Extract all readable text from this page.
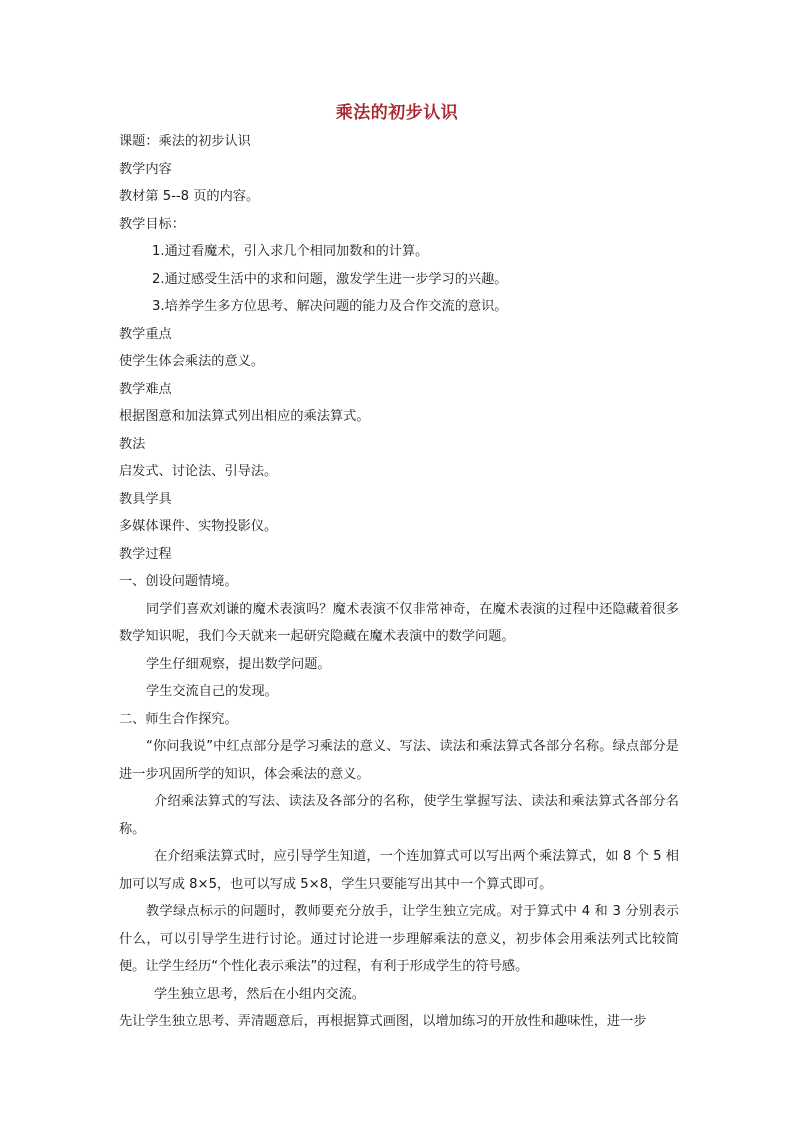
乘法的初步认识

课题：乘法的初步认识

教学内容

教材第 5--8 页的内容。

教学目标：

1.通过看魔术，引入求几个相同加数和的计算。

2.通过感受生活中的求和问题，激发学生进一步学习的兴趣。

3.培养学生多方位思考、解决问题的能力及合作交流的意识。

教学重点

使学生体会乘法的意义。

教学难点

根据图意和加法算式列出相应的乘法算式。

教法

启发式、讨论法、引导法。

教具学具

多媒体课件、实物投影仪。

教学过程

一、创设问题情境。

同学们喜欢刘谦的魔术表演吗？魔术表演不仅非常神奇，在魔术表演的过程中还隐藏着很多数学知识呢，我们今天就来一起研究隐藏在魔术表演中的数学问题。

学生仔细观察，提出数学问题。

学生交流自己的发现。

二、师生合作探究。

“你问我说”中红点部分是学习乘法的意义、写法、读法和乘法算式各部分名称。绿点部分是进一步巩固所学的知识，体会乘法的意义。

介绍乘法算式的写法、读法及各部分的名称，使学生掌握写法、读法和乘法算式各部分名称。

在介绍乘法算式时，应引导学生知道，一个连加算式可以写出两个乘法算式，如 8 个 5 相加可以写成 8×5，也可以写成 5×8，学生只要能写出其中一个算式即可。

教学绿点标示的问题时，教师要充分放手，让学生独立完成。对于算式中 4 和 3 分别表示什么，可以引导学生进行讨论。通过讨论进一步理解乘法的意义，初步体会用乘法列式比较简便。让学生经历“个性化表示乘法”的过程，有利于形成学生的符号感。

学生独立思考，然后在小组内交流。

先让学生独立思考、弄清题意后，再根据算式画图，以增加练习的开放性和趣味性，进一步
